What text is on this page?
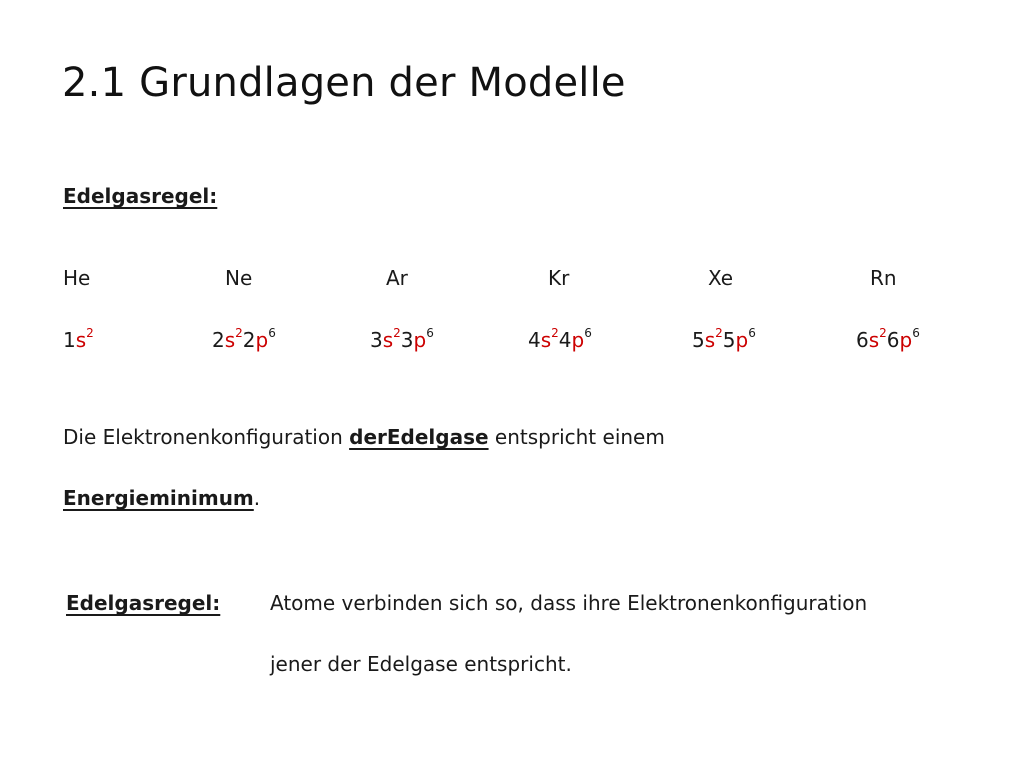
2.1 Grundlagen der Modelle
Edelgasregel:
He	Ne	Ar	Kr	Xe	Rn
$1s^2$	$2s^22p^6$	$3s^23p^6$	$4s^24p^6$	$5s^25p^6$	$6s^26p^6$
Die Elektronenkonfiguration derEdelgase entspricht einem
Energieminimum.
Edelgasregel: Atome verbinden sich so, dass ihre Elektronenkonfiguration
jener der Edelgase entspricht.
